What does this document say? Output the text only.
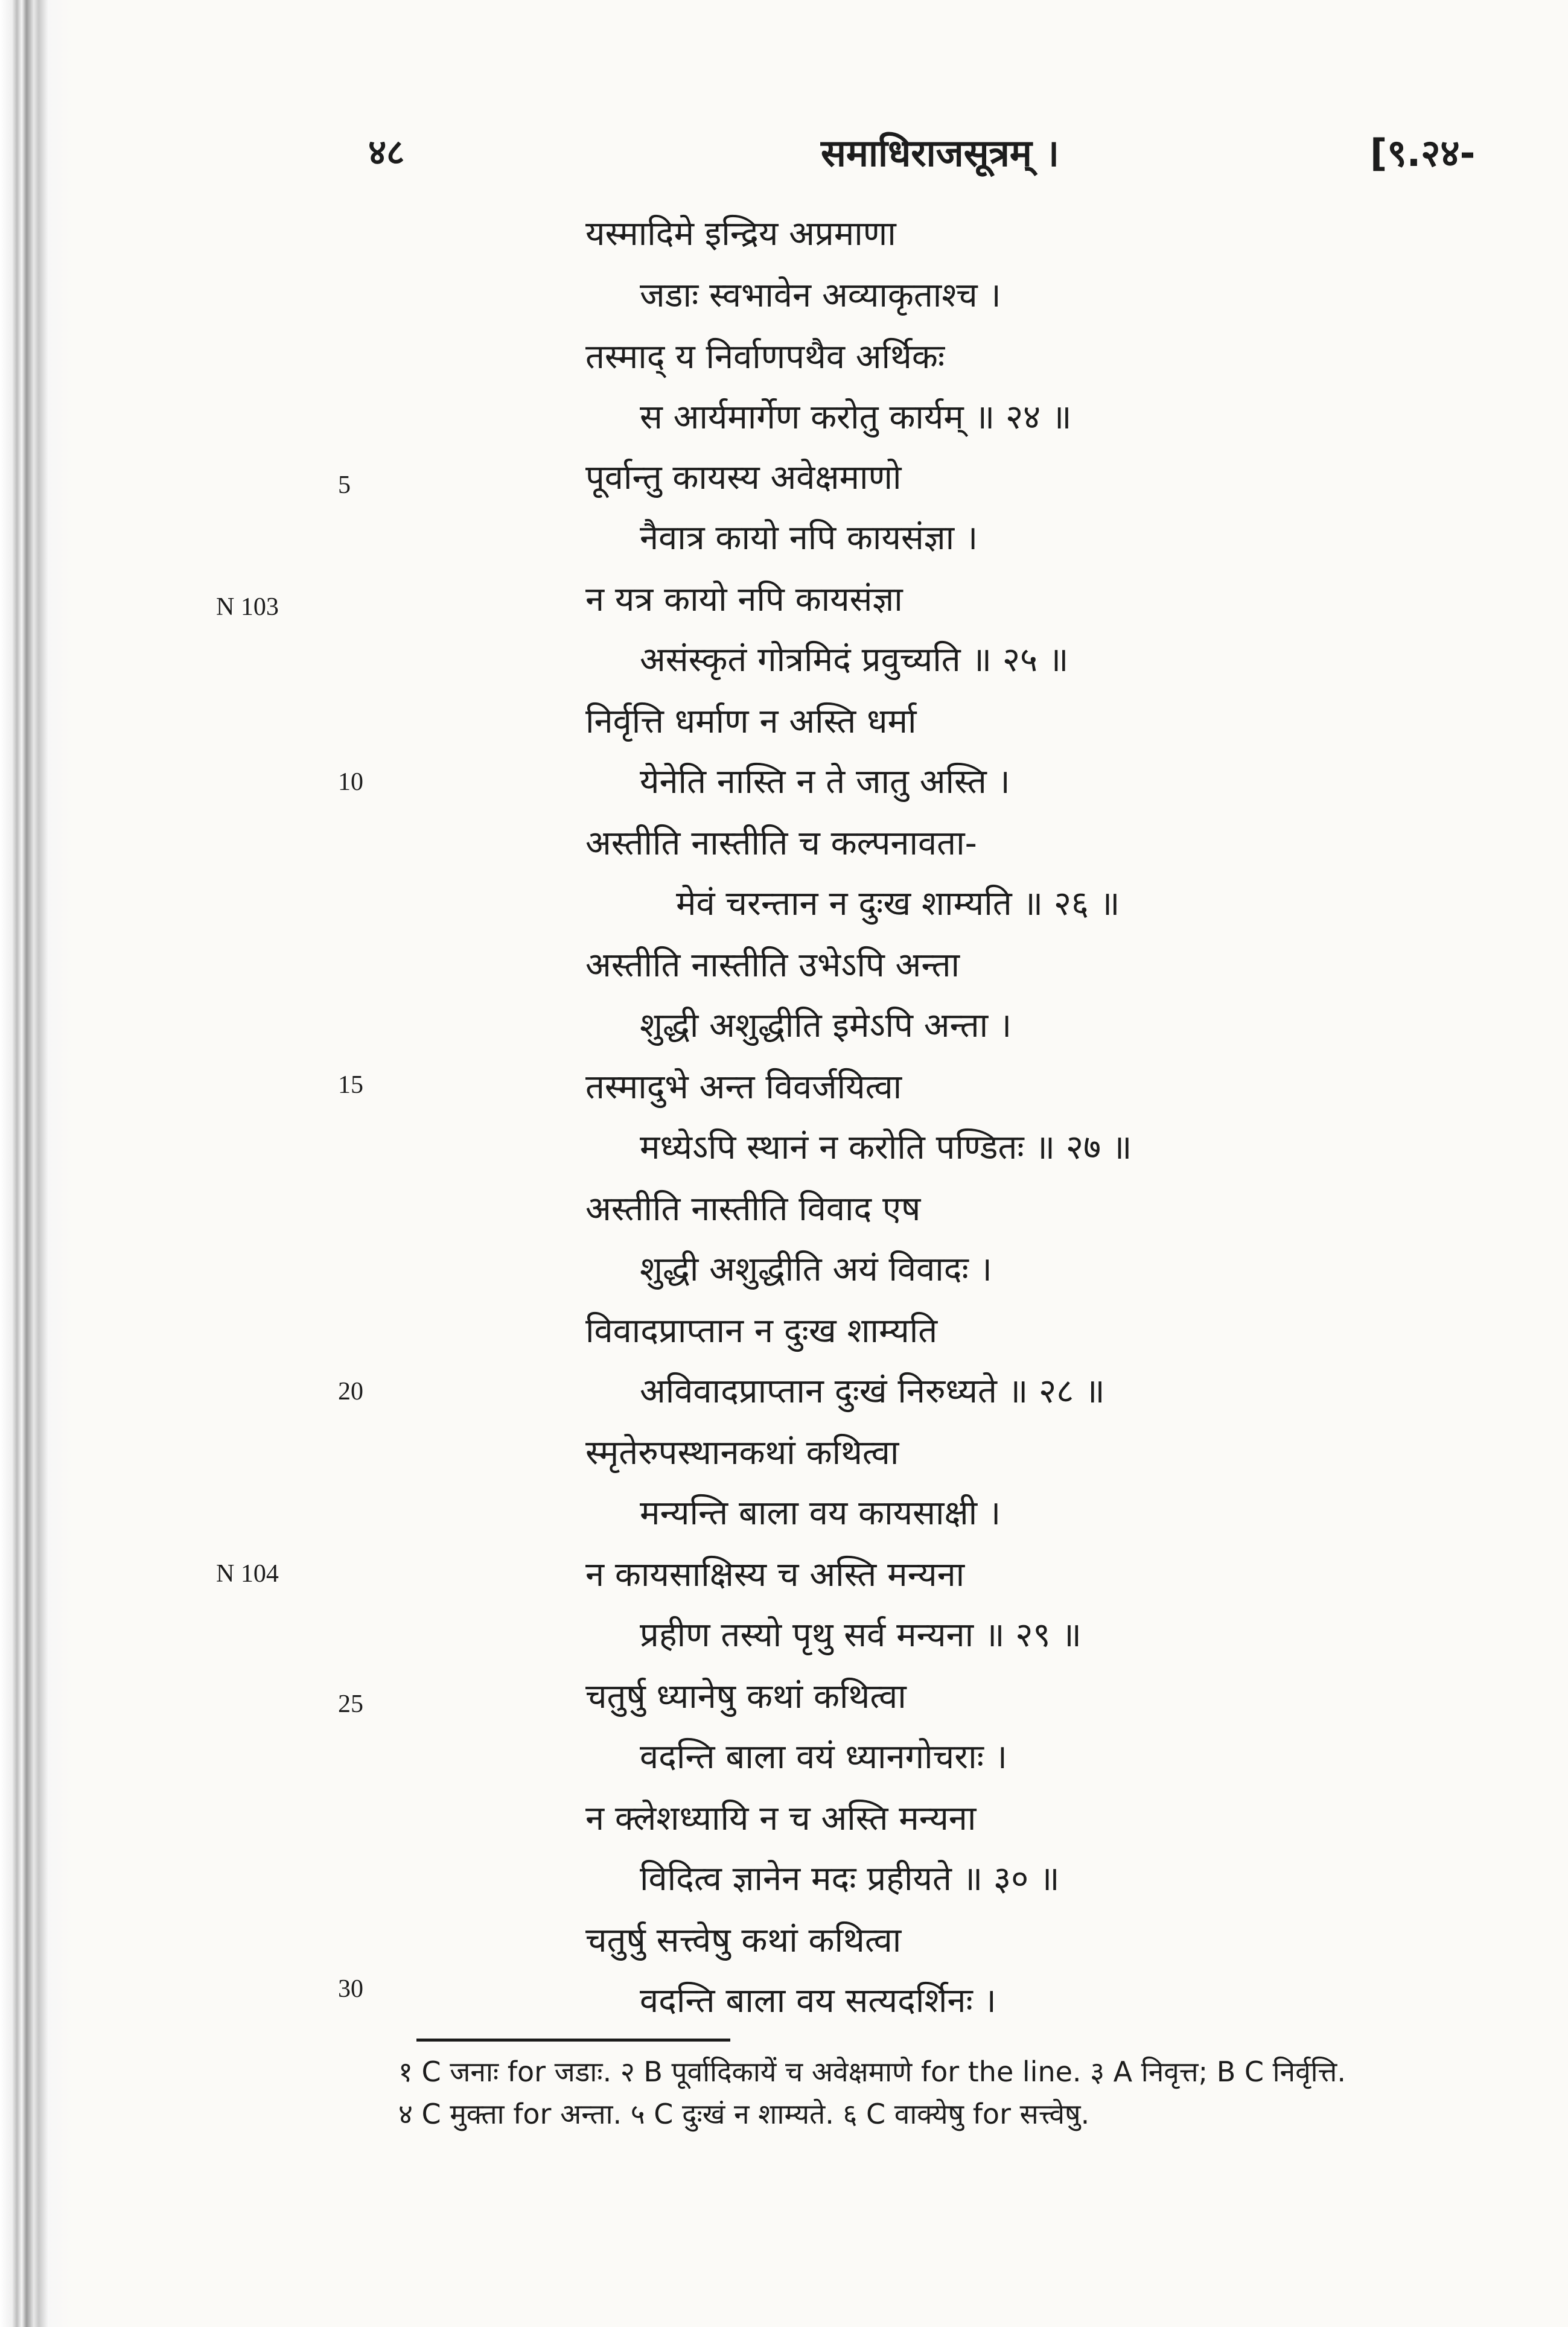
४८	समाधिराजसूत्रम् ।	[९.२४-
N 103
N 104
5
10
15
20
25
30
यस्मादिमे इन्द्रिय अप्रमाणा
जडाः स्वभावेन अव्याकृताश्च ।
तस्माद् य निर्वाणपथैव अर्थिकः
स आर्यमार्गेण करोतु कार्यम् ॥ २४ ॥
पूर्वान्तु कायस्य अवेक्षमाणो
नैवात्र कायो नपि कायसंज्ञा ।
न यत्र कायो नपि कायसंज्ञा
असंस्कृतं गोत्रमिदं प्रवुच्यति ॥ २५ ॥
निर्वृत्ति धर्माण न अस्ति धर्मा
येनेति नास्ति न ते जातु अस्ति ।
अस्तीति नास्तीति च कल्पनावता-
मेवं चरन्तान न दुःख शाम्यति ॥ २६ ॥
अस्तीति नास्तीति उभेऽपि अन्ता
शुद्धी अशुद्धीति इमेऽपि अन्ता ।
तस्मादुभे अन्त विवर्जयित्वा
मध्येऽपि स्थानं न करोति पण्डितः ॥ २७ ॥
अस्तीति नास्तीति विवाद एष
शुद्धी अशुद्धीति अयं विवादः ।
विवादप्राप्तान न दुःख शाम्यति
अविवादप्राप्तान दुःखं निरुध्यते ॥ २८ ॥
स्मृतेरुपस्थानकथां कथित्वा
मन्यन्ति बाला वय कायसाक्षी ।
न कायसाक्षिस्य च अस्ति मन्यना
प्रहीण तस्यो पृथु सर्व मन्यना ॥ २९ ॥
चतुर्षु ध्यानेषु कथां कथित्वा
वदन्ति बाला वयं ध्यानगोचराः ।
न क्लेशध्यायि न च अस्ति मन्यना
विदित्व ज्ञानेन मदः प्रहीयते ॥ ३० ॥
चतुर्षु सत्त्वेषु कथां कथित्वा
वदन्ति बाला वय सत्यदर्शिनः ।
१ C जनाः for जडाः. २ B पूर्वादिकायें च अवेक्षमाणे for the line. ३ A निवृत्त; B C निर्वृत्ति.
४ C मुक्ता for अन्ता. ५ C दुःखं न शाम्यते. ६ C वाक्येषु for सत्त्वेषु.
